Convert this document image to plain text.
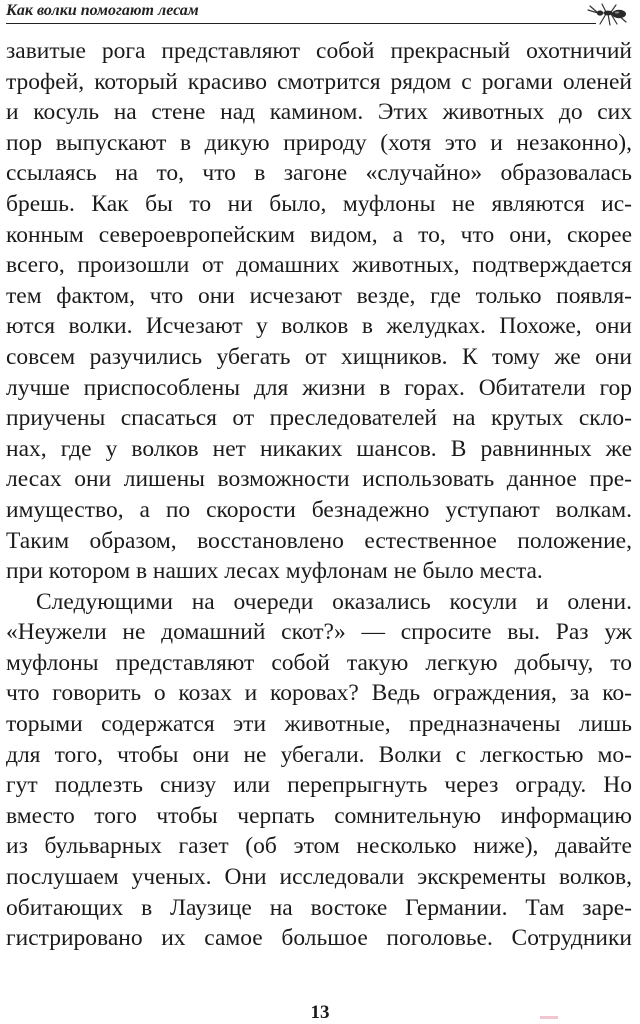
Как волки помогают лесам
завитые рога представляют собой прекрасный охотничий
трофей, который красиво смотрится рядом с рогами оленей
и косуль на стене над камином. Этих животных до сих
пор выпускают в дикую природу (хотя это и незаконно),
ссылаясь на то, что в загоне «случайно» образовалась
брешь. Как бы то ни было, муфлоны не являются ис-
конным североевропейским видом, а то, что они, скорее
всего, произошли от домашних животных, подтверждается
тем фактом, что они исчезают везде, где только появля-
ются волки. Исчезают у волков в желудках. Похоже, они
совсем разучились убегать от хищников. К тому же они
лучше приспособлены для жизни в горах. Обитатели гор
приучены спасаться от преследователей на крутых скло-
нах, где у волков нет никаких шансов. В равнинных же
лесах они лишены возможности использовать данное пре-
имущество, а по скорости безнадежно уступают волкам.
Таким образом, восстановлено естественное положение,
при котором в наших лесах муфлонам не было места.
Следующими на очереди оказались косули и олени.
«Неужели не домашний скот?» — спросите вы. Раз уж
муфлоны представляют собой такую легкую добычу, то
что говорить о козах и коровах? Ведь ограждения, за ко-
торыми содержатся эти животные, предназначены лишь
для того, чтобы они не убегали. Волки с легкостью мо-
гут подлезть снизу или перепрыгнуть через ограду. Но
вместо того чтобы черпать сомнительную информацию
из бульварных газет (об этом несколько ниже), давайте
послушаем ученых. Они исследовали экскременты волков,
обитающих в Лаузице на востоке Германии. Там заре-
гистрировано их самое большое поголовье. Сотрудники
13
